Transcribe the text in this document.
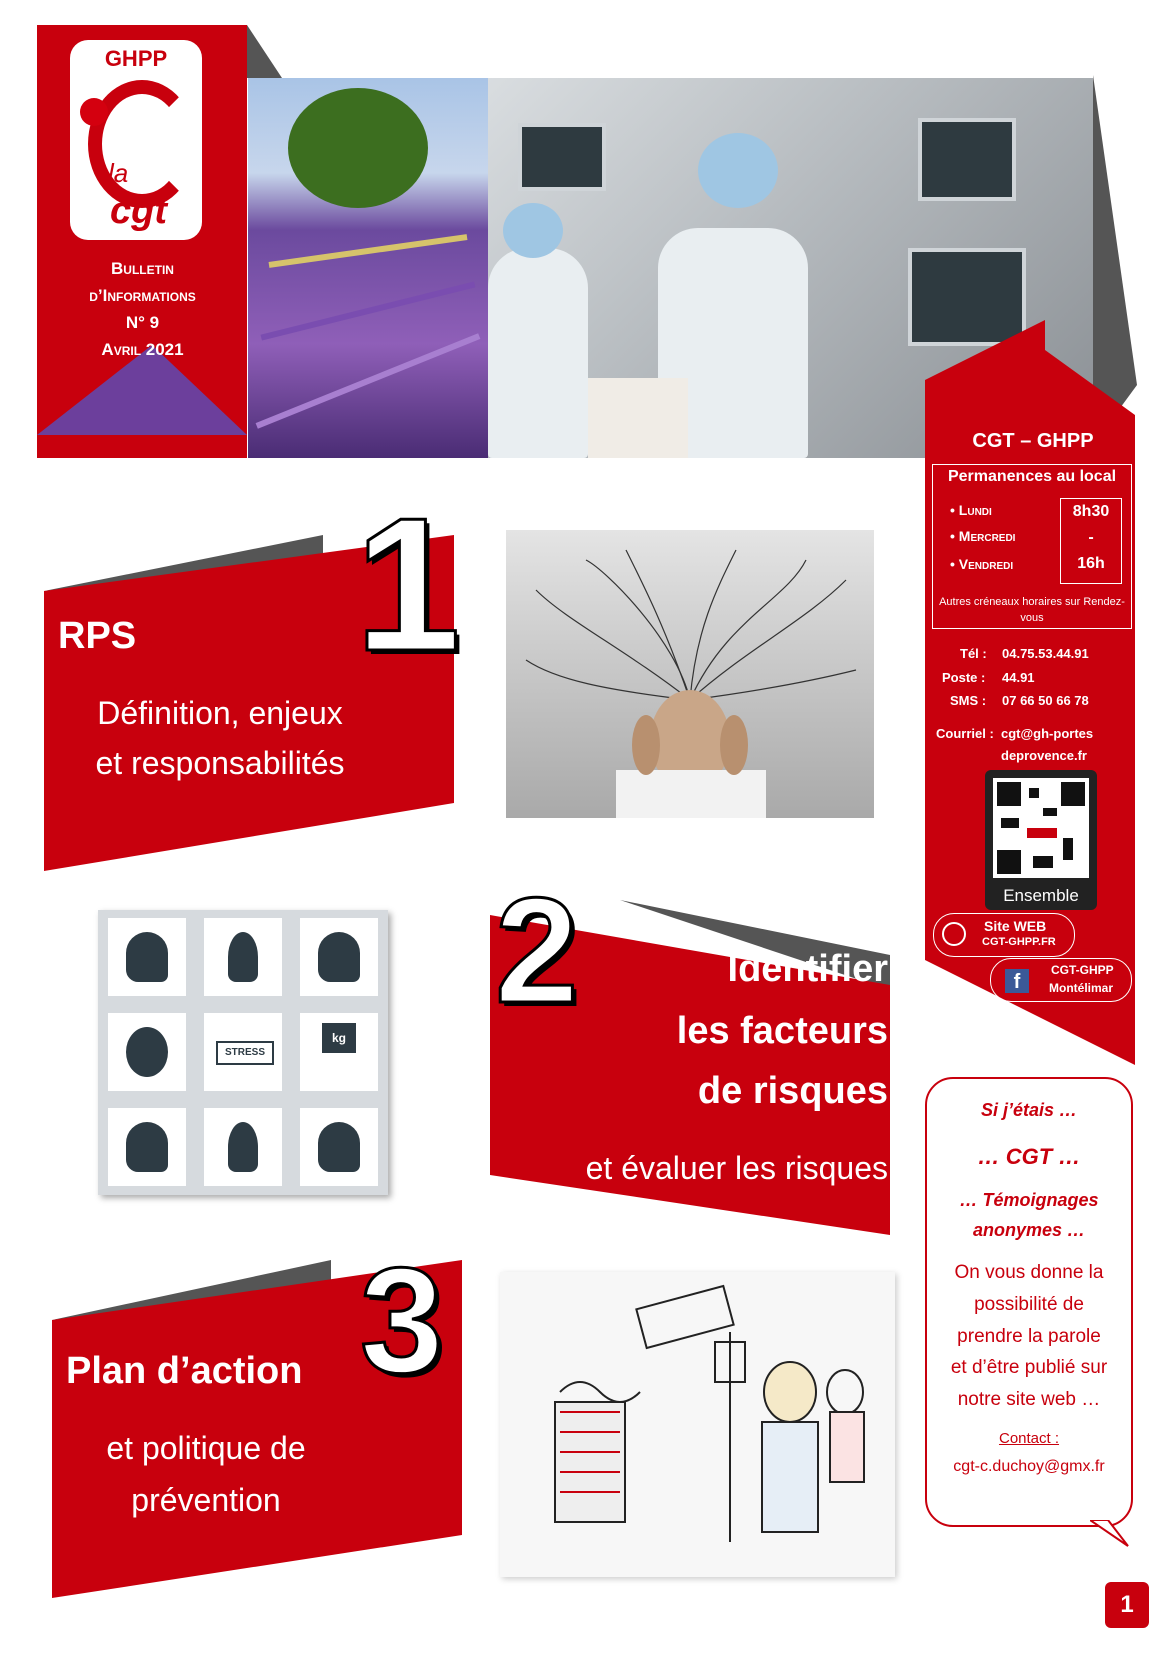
GHPP
la
cgt
Bulletin
d’Informations
N° 9
Avril 2021
CGT – GHPP
Permanences au local
• Lundi
• Mercredi
• Vendredi
8h30
-
16h
Autres créneaux horaires sur Rendez-vous
Tél : 04.75.53.44.91
Poste : 44.91
SMS : 07 66 50 66 78
Courriel : cgt@gh-portes
deprovence.fr
Ensemble
Site WEB
CGT-GHPP.FR
f
CGT-GHPP
Montélimar
1
RPS
Définition, enjeux
et responsabilités
STRESS
kg
2	Identifier
les facteurs
de risques
et évaluer les risques
3
Plan d’action
et politique de
prévention
Si j’étais …
… CGT …
… Témoignages
anonymes …
On vous donne la
possibilité de
prendre la parole
et d’être publié sur
notre site web …
Contact :
cgt-c.duchoy@gmx.fr
1
